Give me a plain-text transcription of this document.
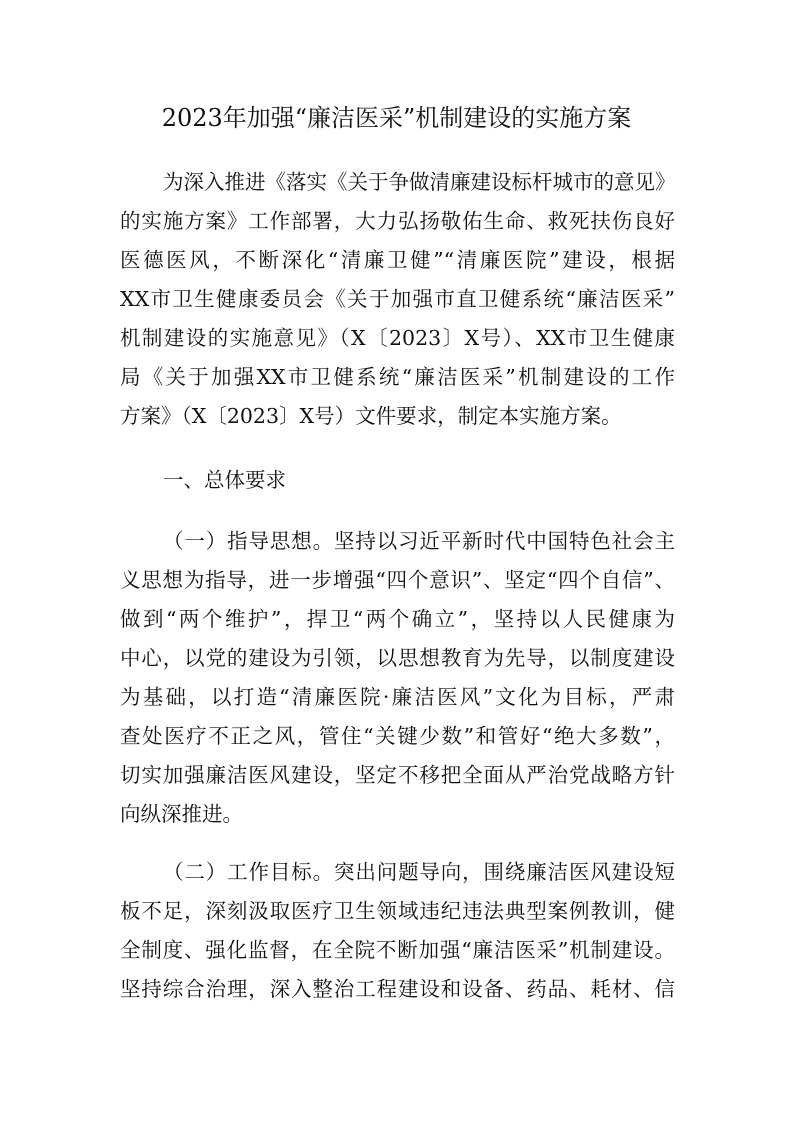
2023年加强“廉洁医采”机制建设的实施方案
为深入推进《落实《关于争做清廉建设标杆城市的意见》
的实施方案》工作部署，大力弘扬敬佑生命、救死扶伤良好
医德医风，不断深化“清廉卫健”“清廉医院”建设，根据
XX市卫生健康委员会《关于加强市直卫健系统“廉洁医采”
机制建设的实施意见》（X〔2023〕X号）、XX市卫生健康
局《关于加强XX市卫健系统“廉洁医采”机制建设的工作
方案》（X〔2023〕X号）文件要求，制定本实施方案。
一、总体要求
（一）指导思想。坚持以习近平新时代中国特色社会主
义思想为指导，进一步增强“四个意识”、坚定“四个自信”、
做到“两个维护”，捍卫“两个确立”，坚持以人民健康为
中心，以党的建设为引领，以思想教育为先导，以制度建设
为基础，以打造“清廉医院·廉洁医风”文化为目标，严肃
查处医疗不正之风，管住“关键少数”和管好“绝大多数”，
切实加强廉洁医风建设，坚定不移把全面从严治党战略方针
向纵深推进。
（二）工作目标。突出问题导向，围绕廉洁医风建设短
板不足，深刻汲取医疗卫生领域违纪违法典型案例教训，健
全制度、强化监督，在全院不断加强“廉洁医采”机制建设。
坚持综合治理，深入整治工程建设和设备、药品、耗材、信
